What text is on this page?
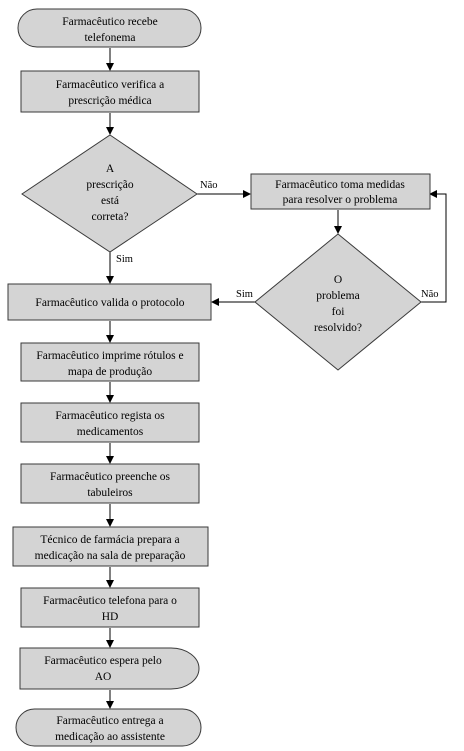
Não
Sim
Sim	Não
Farmacêutico recebe
telefonema
Farmacêutico verifica a
prescrição médica
A
prescrição
está
correta?
Farmacêutico toma medidas
para resolver o problema
O
problema
foi
resolvido?
Farmacêutico valida o protocolo
Farmacêutico imprime rótulos e
mapa de produção
Farmacêutico regista os
medicamentos
Farmacêutico preenche os
tabuleiros
Técnico de farmácia prepara a
medicação na sala de preparação
Farmacêutico telefona para o
HD
Farmacêutico espera pelo
AO
Farmacêutico entrega a
medicação ao assistente
